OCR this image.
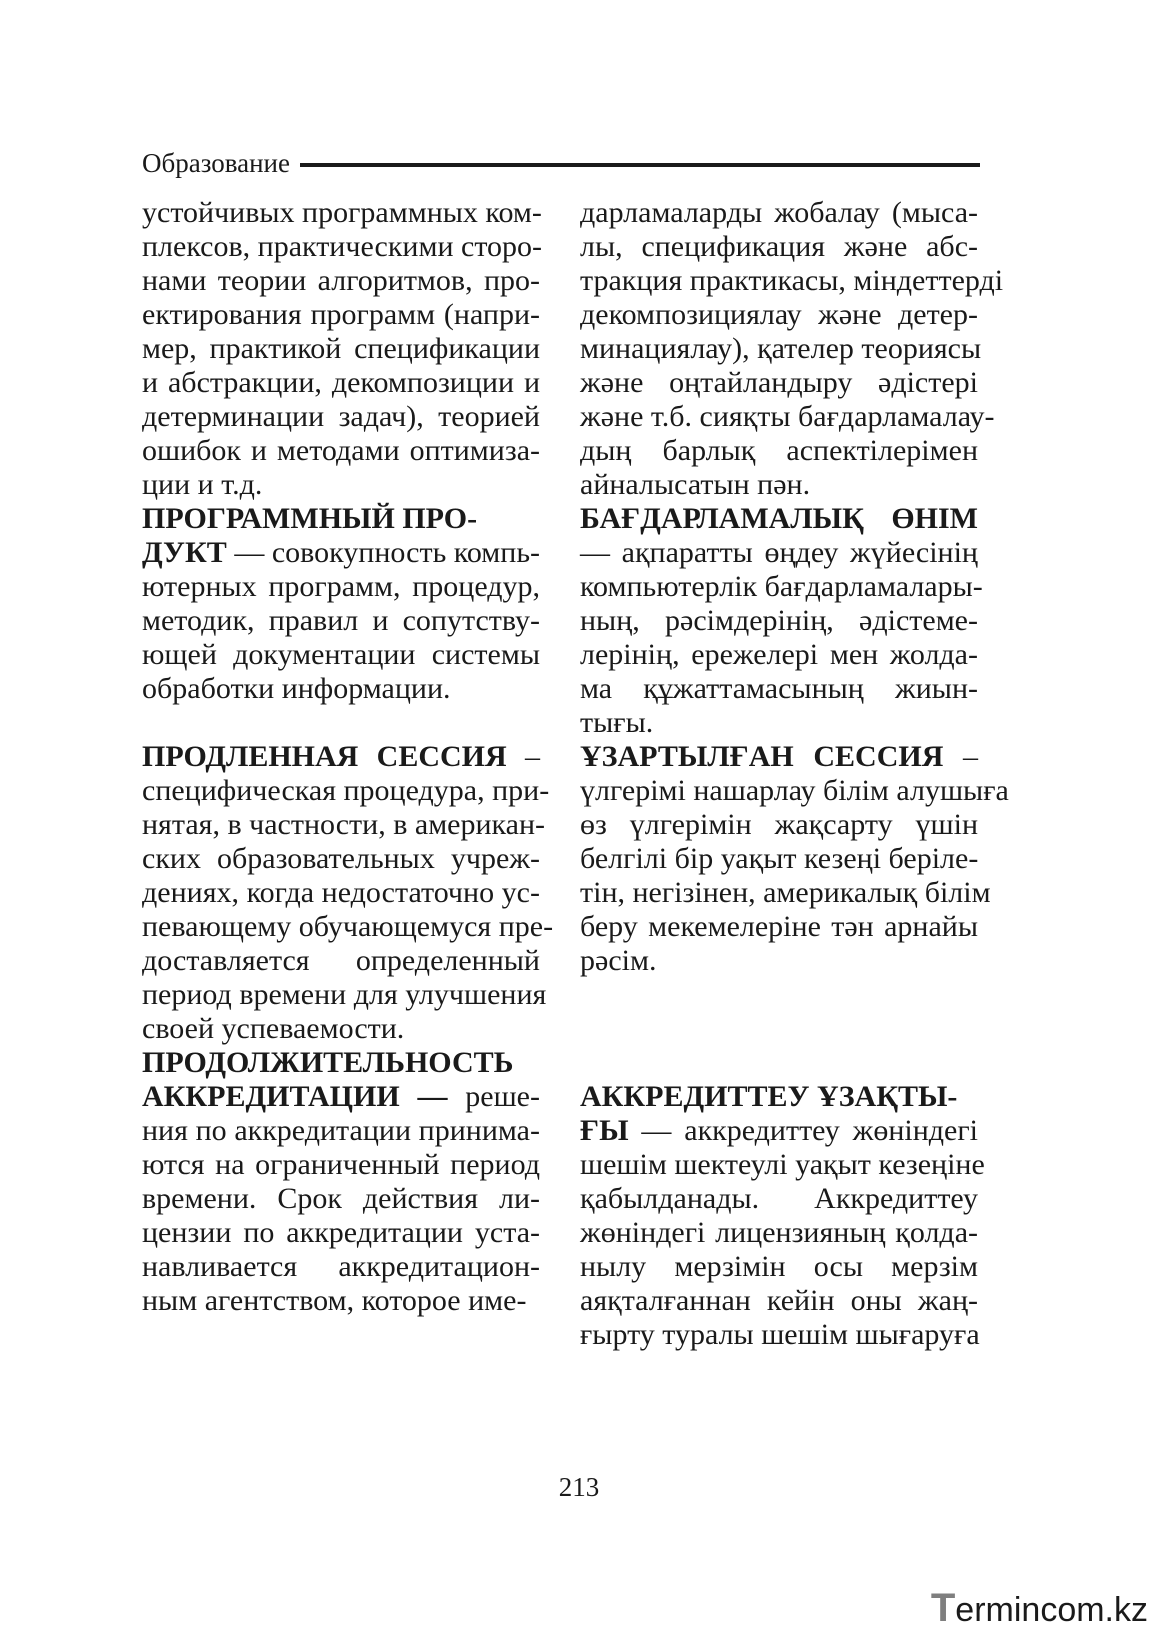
Образование
устойчивых программных ком-
плексов, практическими сторо-
нами теории алгоритмов, про-
ектирования программ (напри-
мер, практикой спецификации
и абстракции, декомпозиции и
детерминации задач), теорией
ошибок и методами оптимиза-
ции и т.д.
ПРОГРАММНЫЙ ПРО-
ДУКТ — совокупность компь-
ютерных программ, процедур,
методик, правил и сопутству-
ющей документации системы
обработки информации.
ПРОДЛЕННАЯ СЕССИЯ –
специфическая процедура, при-
нятая, в частности, в американ-
ских образовательных учреж-
дениях, когда недостаточно ус-
певающему обучающемуся пре-
доставляется определенный
период времени для улучшения
своей успеваемости.
ПРОДОЛЖИТЕЛЬНОСТЬ
АККРЕДИТАЦИИ — реше-
ния по аккредитации принима-
ются на ограниченный период
времени. Срок действия ли-
цензии по аккредитации уста-
навливается аккредитацион-
ным агентством, которое име-
дарламаларды жобалау (мыса-
лы, спецификация және абс-
тракция практикасы, міндеттерді
декомпозициялау және детер-
минациялау), қателер теориясы
және оңтайландыру әдістері
және т.б. сияқты бағдарламалау-
дың барлық аспектілерімен
айналысатын пән.
БАҒДАРЛАМАЛЫҚ ӨНІМ
— ақпаратты өңдеу жүйесінің
компьютерлік бағдарламалары-
ның, рәсімдерінің, әдістеме-
лерінің, ережелері мен жолда-
ма құжаттамасының жиын-
тығы.
ҰЗАРТЫЛҒАН СЕССИЯ –
үлгерімі нашарлау білім алушыға
өз үлгерімін жақсарту үшін
белгілі бір уақыт кезеңі беріле-
тін, негізінен, америкалық білім
беру мекемелеріне тән арнайы
рәсім.
АККРЕДИТТЕУ ҰЗАҚТЫ-
ҒЫ — аккредиттеу жөніндегі
шешім шектеулі уақыт кезеңіне
қабылданады. Аккредиттеу
жөніндегі лицензияның қолда-
нылу мерзімін осы мерзім
аяқталғаннан кейін оны жаң-
ғырту туралы шешім шығаруға
213
Termincom.kz
